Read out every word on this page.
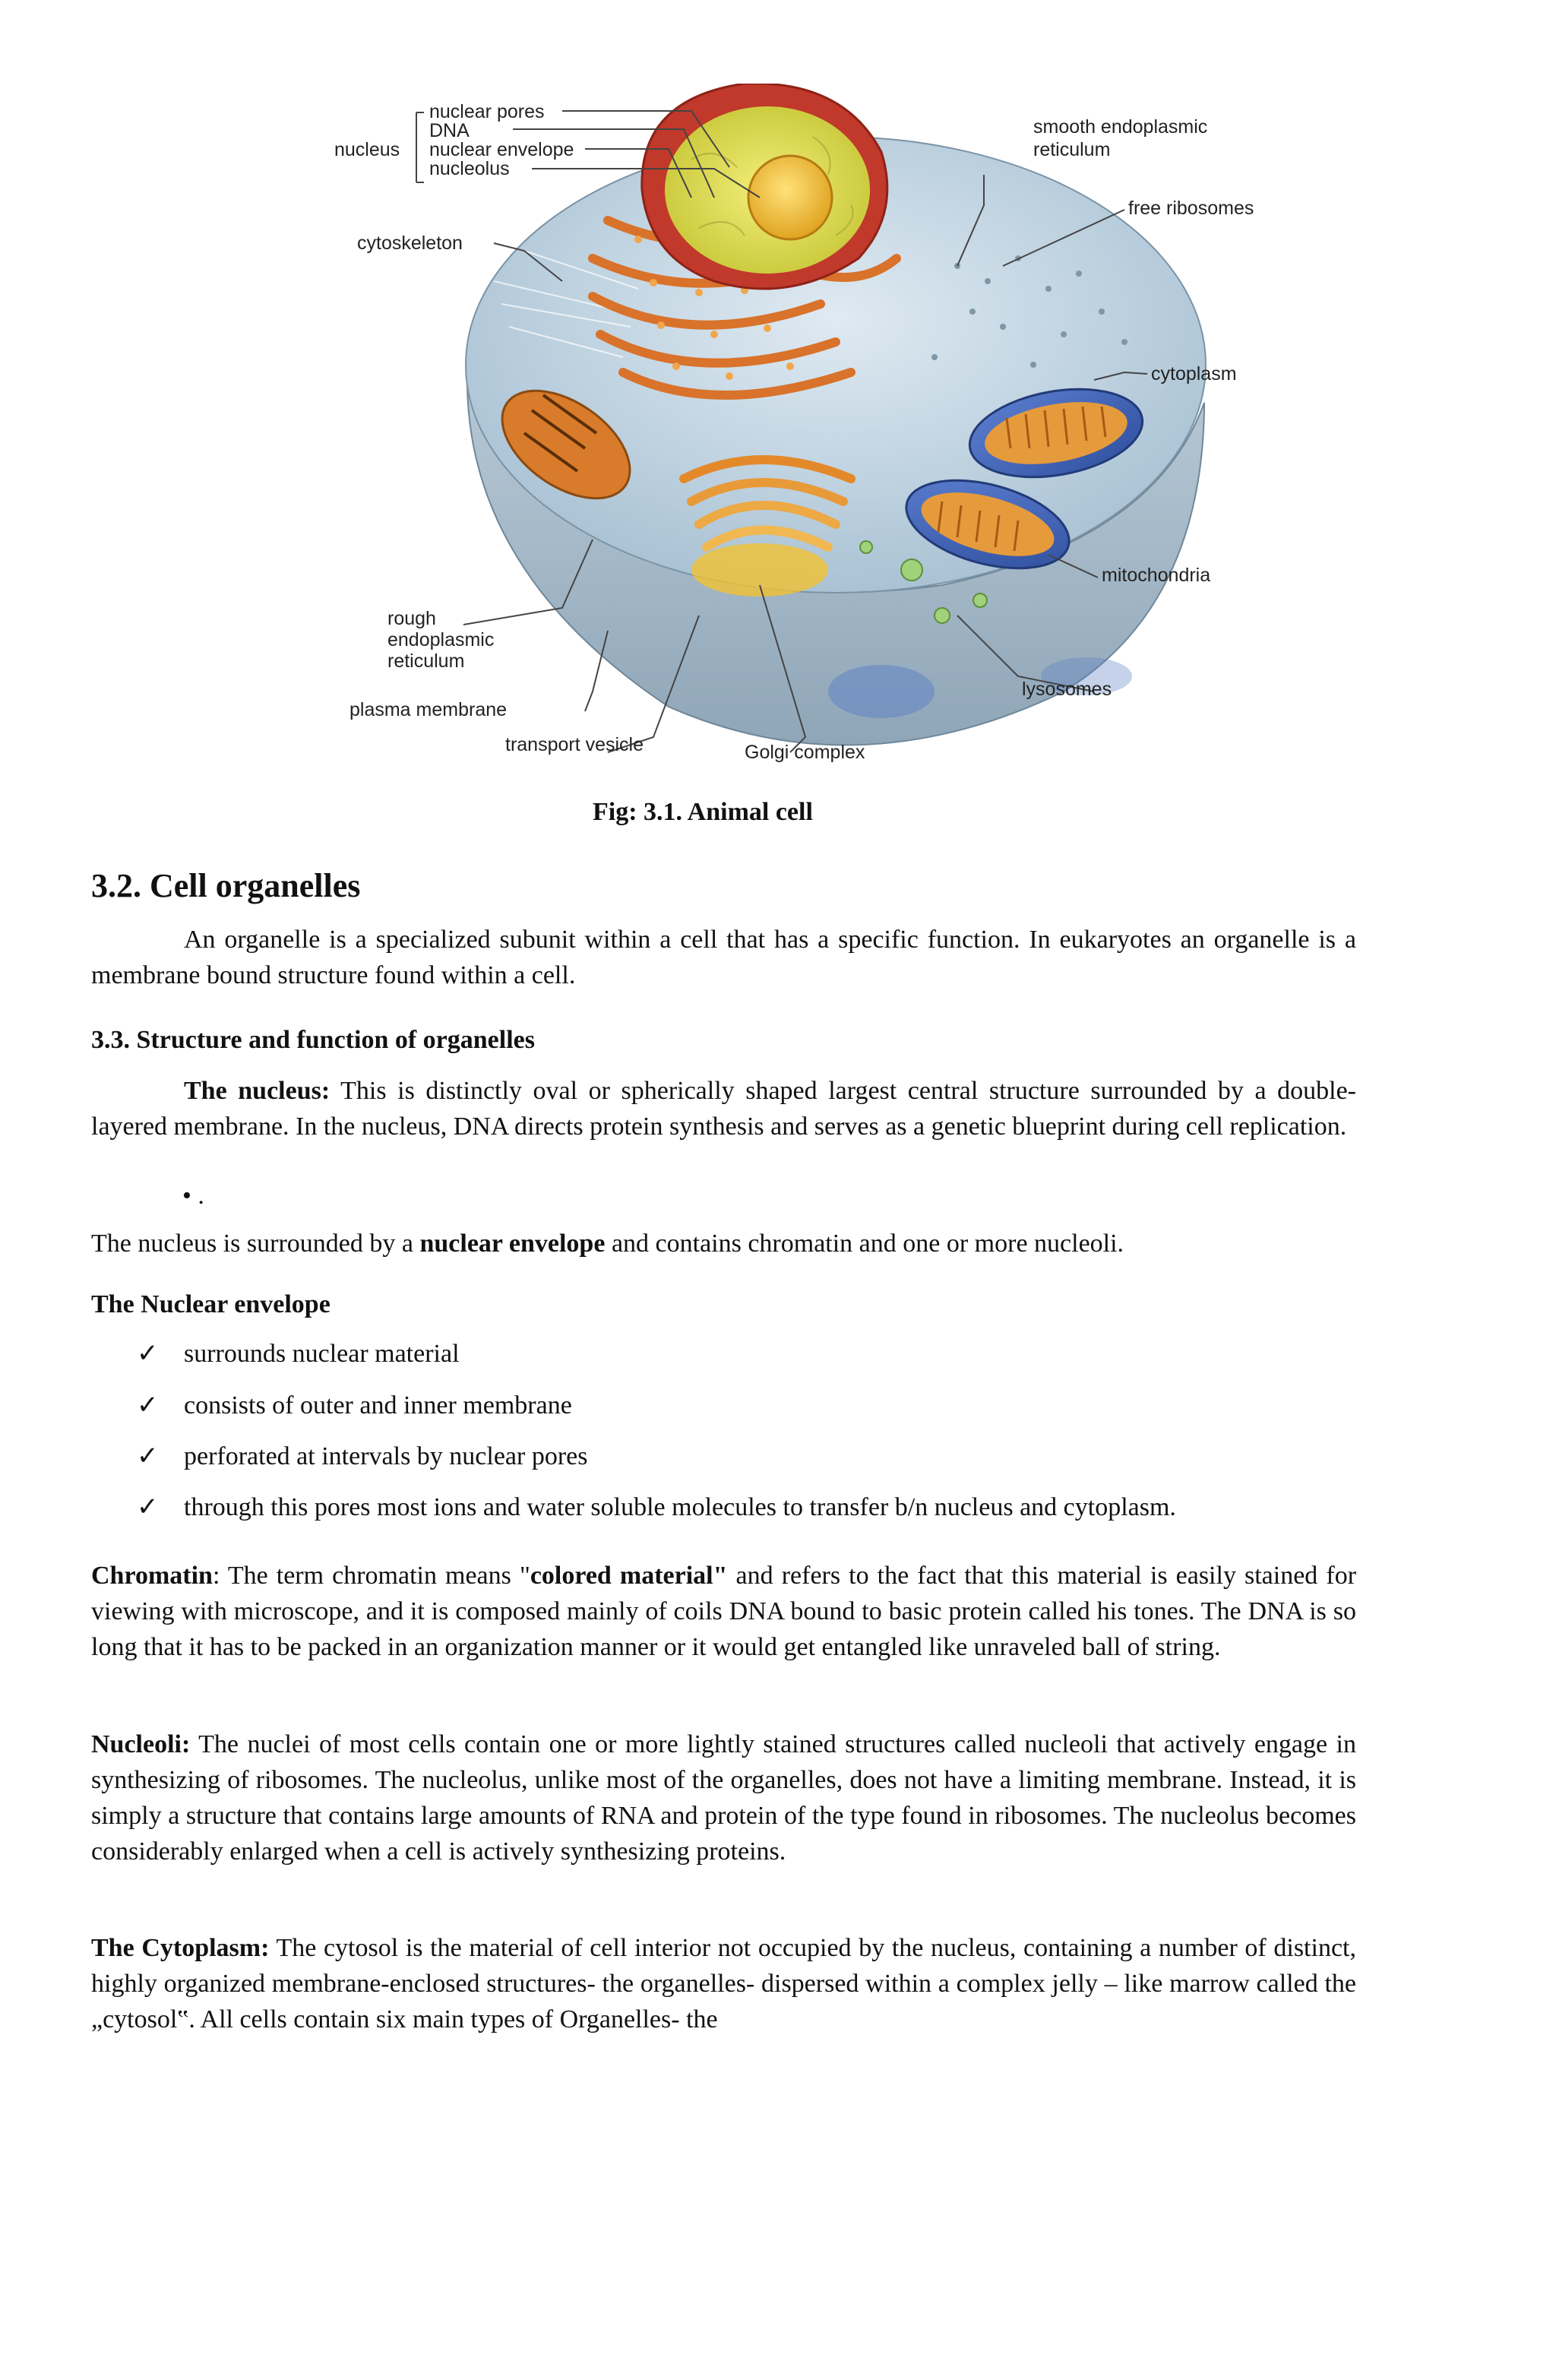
nucleus
nuclear pores
DNA
nuclear envelope
nucleolus
cytoskeleton
smooth endoplasmic
reticulum
free ribosomes
cytoplasm
mitochondria
rough
endoplasmic
reticulum
plasma membrane
lysosomes
transport vesicle	Golgi complex
Fig: 3.1. Animal cell
3.2. Cell organelles
An organelle is a specialized subunit within a cell that has a specific function. In eukaryotes an organelle is a membrane bound structure found within a cell.
3.3. Structure and function of organelles
The nucleus: This is distinctly oval or spherically shaped largest central structure surrounded by a double-layered membrane. In the nucleus, DNA directs protein synthesis and serves as a genetic blueprint during cell replication.
• .
The nucleus is surrounded by a nuclear envelope and contains chromatin and one or more nucleoli.
The Nuclear envelope
✓ surrounds nuclear material
✓ consists of outer and inner membrane
✓ perforated at intervals by nuclear pores
✓ through this pores most ions and water soluble molecules to transfer b/n nucleus and cytoplasm.
Chromatin: The term chromatin means "colored material" and refers to the fact that this material is easily stained for viewing with microscope, and it is composed mainly of coils DNA bound to basic protein called his tones. The DNA is so long that it has to be packed in an organization manner or it would get entangled like unraveled ball of string.
Nucleoli: The nuclei of most cells contain one or more lightly stained structures called nucleoli that actively engage in synthesizing of ribosomes. The nucleolus, unlike most of the organelles, does not have a limiting membrane. Instead, it is simply a structure that contains large amounts of RNA and protein of the type found in ribosomes. The nucleolus becomes considerably enlarged when a cell is actively synthesizing proteins.
The Cytoplasm: The cytosol is the material of cell interior not occupied by the nucleus, containing a number of distinct, highly organized membrane-enclosed structures- the organelles- dispersed within a complex jelly – like marrow called the „cytosol‟. All cells contain six main types of Organelles- the
